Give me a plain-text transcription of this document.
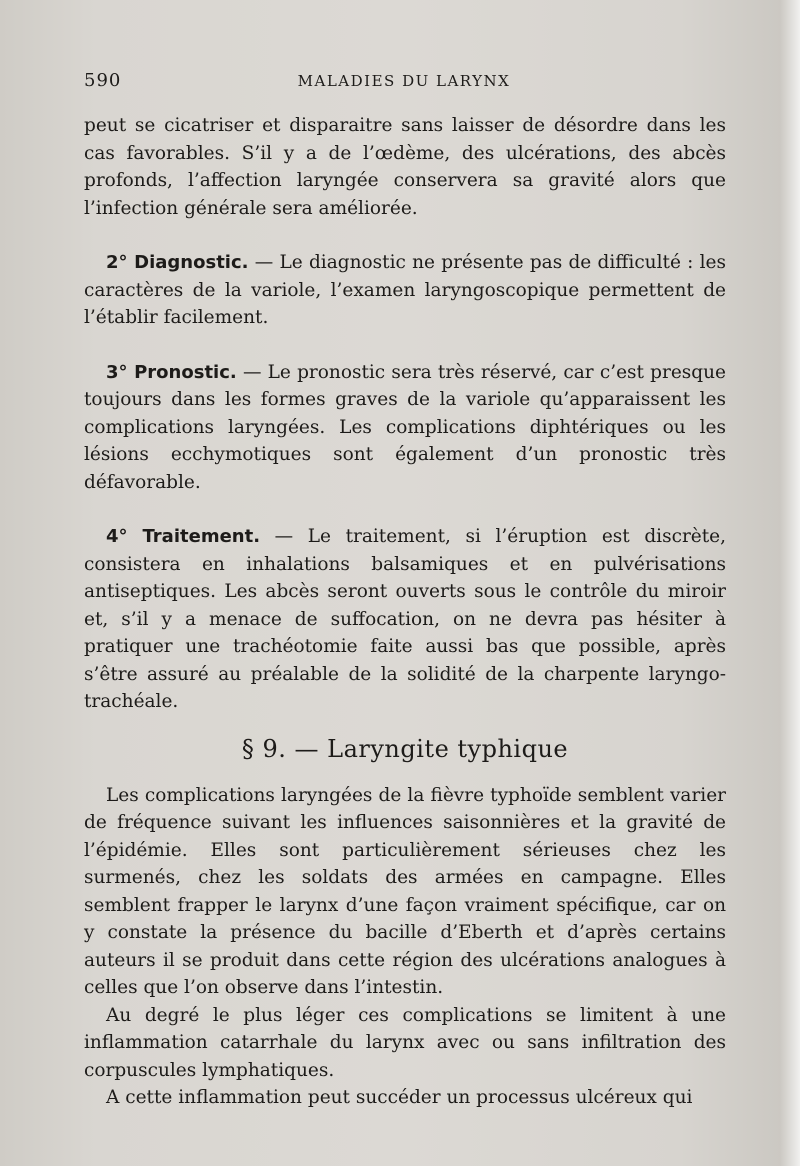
590	MALADIES DU LARYNX

peut se cicatriser et disparaitre sans laisser de désordre dans les cas favorables. S’il y a de l’œdème, des ulcérations, des abcès profonds, l’affection laryngée conservera sa gravité alors que l’infection générale sera améliorée.

2° Diagnostic. — Le diagnostic ne présente pas de difficulté : les caractères de la variole, l’examen laryngoscopique permettent de l’établir facilement.

3° Pronostic. — Le pronostic sera très réservé, car c’est presque toujours dans les formes graves de la variole qu’apparaissent les complications laryngées. Les complications diphtériques ou les lésions ecchymotiques sont également d’un pronostic très défavorable.

4° Traitement. — Le traitement, si l’éruption est discrète, consistera en inhalations balsamiques et en pulvérisations antiseptiques. Les abcès seront ouverts sous le contrôle du miroir et, s’il y a menace de suffocation, on ne devra pas hésiter à pratiquer une trachéotomie faite aussi bas que possible, après s’être assuré au préalable de la solidité de la charpente laryngo-trachéale.

§ 9. — Laryngite typhique

Les complications laryngées de la fièvre typhoïde semblent varier de fréquence suivant les influences saisonnières et la gravité de l’épidémie. Elles sont particulièrement sérieuses chez les surmenés, chez les soldats des armées en campagne. Elles semblent frapper le larynx d’une façon vraiment spécifique, car on y constate la présence du bacille d’Eberth et d’après certains auteurs il se produit dans cette région des ulcérations analogues à celles que l’on observe dans l’intestin.

Au degré le plus léger ces complications se limitent à une inflammation catarrhale du larynx avec ou sans infiltration des corpuscules lymphatiques.

A cette inflammation peut succéder un processus ulcéreux qui
